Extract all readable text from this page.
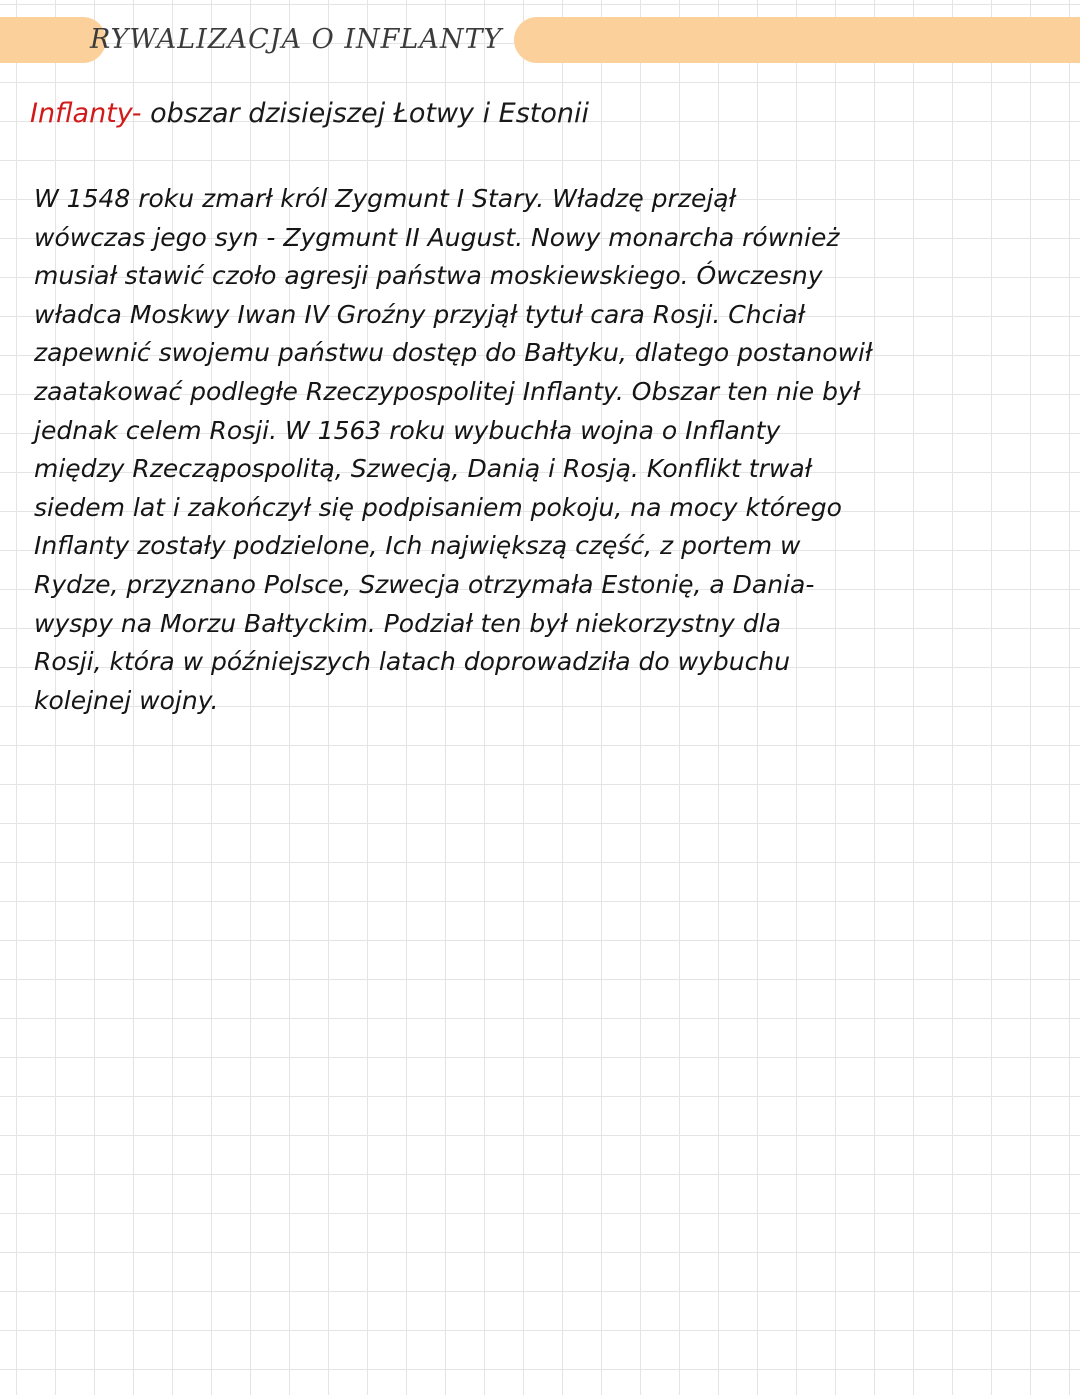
RYWALIZACJA O INFLANTY

Inflanty- obszar dzisiejszej Łotwy i Estonii

W 1548 roku zmarł król Zygmunt I Stary. Władzę przejął
wówczas jego syn - Zygmunt II August. Nowy monarcha również
musiał stawić czoło agresji państwa moskiewskiego. Ówczesny
władca Moskwy Iwan IV Groźny przyjął tytuł cara Rosji. Chciał
zapewnić swojemu państwu dostęp do Bałtyku, dlatego postanowił
zaatakować podległe Rzeczypospolitej Inflanty. Obszar ten nie był
jednak celem Rosji. W 1563 roku wybuchła wojna o Inflanty
między Rzecząpospolitą, Szwecją, Danią i Rosją. Konflikt trwał
siedem lat i zakończył się podpisaniem pokoju, na mocy którego
Inflanty zostały podzielone, Ich największą część, z portem w
Rydze, przyznano Polsce, Szwecja otrzymała Estonię, a Dania-
wyspy na Morzu Bałtyckim. Podział ten był niekorzystny dla
Rosji, która w późniejszych latach doprowadziła do wybuchu
kolejnej wojny.
